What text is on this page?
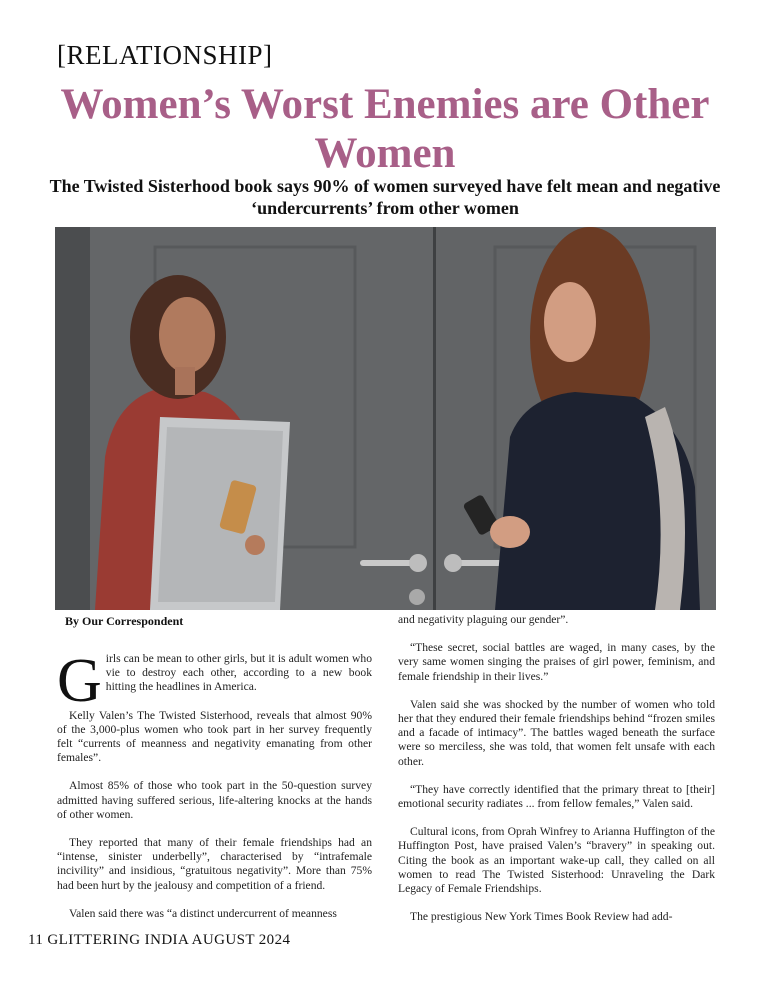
[RELATIONSHIP]
Women’s Worst Enemies are Other Women
The Twisted Sisterhood book says 90% of women surveyed have felt mean and negative ‘undercurrents’ from other women
By Our Correspondent

Girls can be mean to other girls, but it is adult women who vie to destroy each other, according to a new book hitting the headlines in America.

Kelly Valen’s The Twisted Sisterhood, reveals that almost 90% of the 3,000-plus women who took part in her survey frequently felt “currents of meanness and negativity emanating from other females”.

Almost 85% of those who took part in the 50-question survey admitted having suffered serious, life-altering knocks at the hands of other women.

They reported that many of their female friendships had an “intense, sinister underbelly”, characterised by “intrafemale incivility” and insidious, “gratuitous negativity”. More than 75% had been hurt by the jealousy and competition of a friend.

Valen said there was “a distinct undercurrent of meanness

and negativity plaguing our gender”.

“These secret, social battles are waged, in many cases, by the very same women singing the praises of girl power, feminism, and female friendship in their lives.”

Valen said she was shocked by the number of women who told her that they endured their female friendships behind “frozen smiles and a facade of intimacy”. The battles waged beneath the surface were so merciless, she was told, that women felt unsafe with each other.

“They have correctly identified that the primary threat to [their] emotional security radiates ... from fellow females,” Valen said.

Cultural icons, from Oprah Winfrey to Arianna Huffington of the Huffington Post, have praised Valen’s “bravery” in speaking out. Citing the book as an important wake-up call, they called on all women to read The Twisted Sisterhood: Unraveling the Dark Legacy of Female Friendships.

The prestigious New York Times Book Review had add-

11 GLITTERING INDIA AUGUST 2024
